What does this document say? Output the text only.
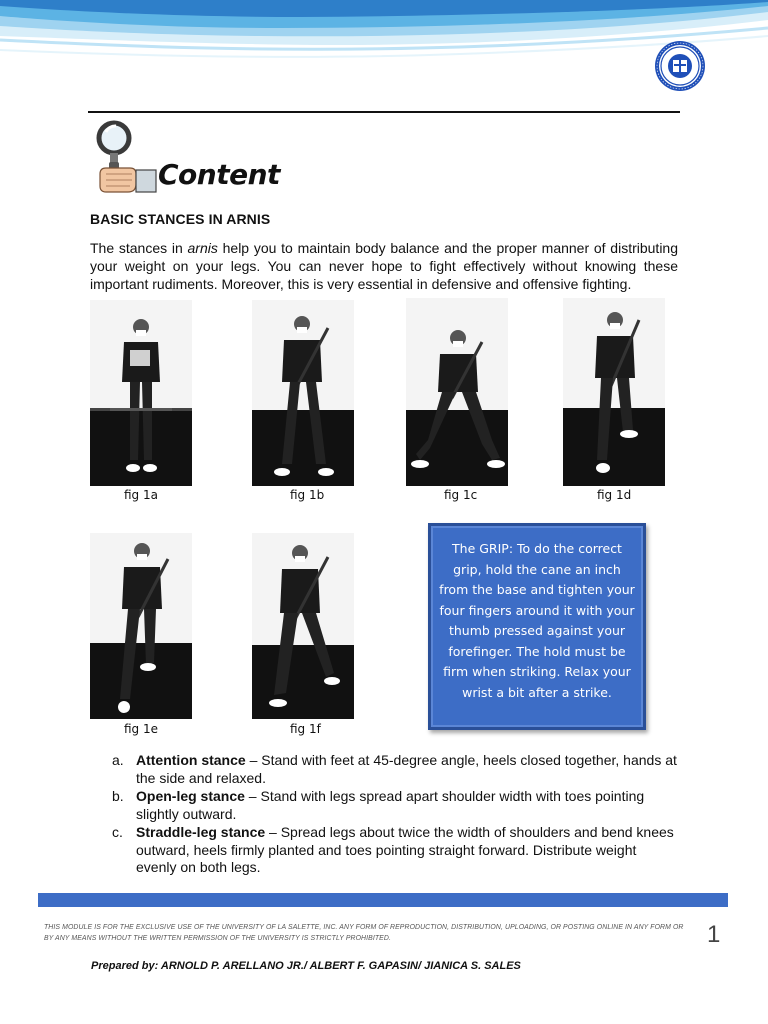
Content
BASIC STANCES IN ARNIS

The stances in arnis help you to maintain body balance and the proper manner of distributing your weight on your legs. You can never hope to fight effectively without knowing these important rudiments. Moreover, this is very essential in defensive and offensive fighting.

fig 1a	fig 1b	fig 1c	fig 1d
fig 1e	fig 1f
The GRIP: To do the correct grip, hold the cane an inch from the base and tighten your four fingers around it with your thumb pressed against your forefinger. The hold must be firm when striking. Relax your wrist a bit after a strike.
a. Attention stance – Stand with feet at 45-degree angle, heels closed together, hands at the side and relaxed.
b. Open-leg stance – Stand with legs spread apart shoulder width with toes pointing slightly outward.
c. Straddle-leg stance – Spread legs about twice the width of shoulders and bend knees outward, heels firmly planted and toes pointing straight forward. Distribute weight evenly on both legs.

THIS MODULE IS FOR THE EXCLUSIVE USE OF THE UNIVERSITY OF LA SALETTE, INC. ANY FORM OF REPRODUCTION, DISTRIBUTION, UPLOADING, OR POSTING ONLINE IN ANY FORM OR BY ANY MEANS WITHOUT THE WRITTEN PERMISSION OF THE UNIVERSITY IS STRICTLY PROHIBITED.	1
Prepared by: ARNOLD P. ARELLANO JR./ ALBERT F. GAPASIN/ JIANICA S. SALES
